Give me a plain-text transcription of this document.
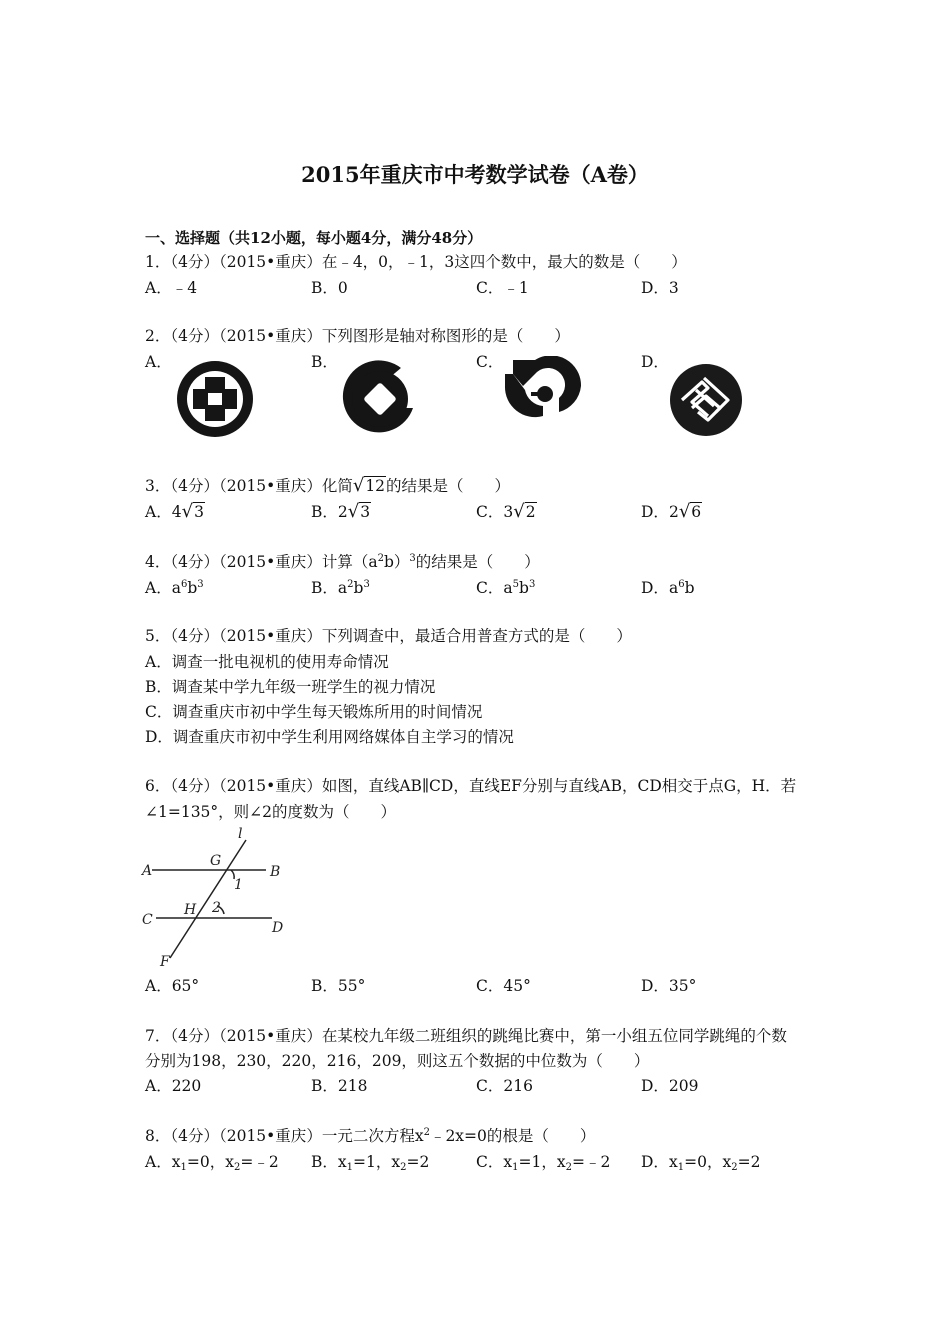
2015年重庆市中考数学试卷（A卷）
一、选择题（共12小题，每小题4分，满分48分）
1．（4分）（2015•重庆）在﹣4，0，﹣1，3这四个数中，最大的数是（　　）
A．﹣4	B．0	C．﹣1	D．3
2．（4分）（2015•重庆）下列图形是轴对称图形的是（　　）
A．	B．	C．	D．
3．（4分）（2015•重庆）化简√12的结果是（　　）
A．4√3	B．2√3	C．3√2	D．2√6
4．（4分）（2015•重庆）计算$(a^2b)^3$的结果是（　　）
A．$a^6b^3$	B．$a^2b^3$	C．$a^5b^3$	D．$a^6b$
5．（4分）（2015•重庆）下列调查中，最适合用普查方式的是（　　）
A．调查一批电视机的使用寿命情况
B．调查某中学九年级一班学生的视力情况
C．调查重庆市初中学生每天锻炼所用的时间情况
D．调查重庆市初中学生利用网络媒体自主学习的情况
6．（4分）（2015•重庆）如图，直线AB∥CD，直线EF分别与直线AB，CD相交于点G，H．若
∠1=135°，则∠2的度数为（　　）
l
A
G
B
1
C
H 2
D
F
A．65°	B．55°	C．45°	D．35°
7．（4分）（2015•重庆）在某校九年级二班组织的跳绳比赛中，第一小组五位同学跳绳的个数
分别为198，230，220，216，209，则这五个数据的中位数为（　　）
A．220	B．218	C．216	D．209
8．（4分）（2015•重庆）一元二次方程$x^2﹣2x=0$的根是（　　）
A．$x_1=0$，$x_2=﹣2$ B．$x_1=1$，$x_2=2$	C．$x_1=1$，$x_2=﹣2$ D．$x_1=0$，$x_2=2$
